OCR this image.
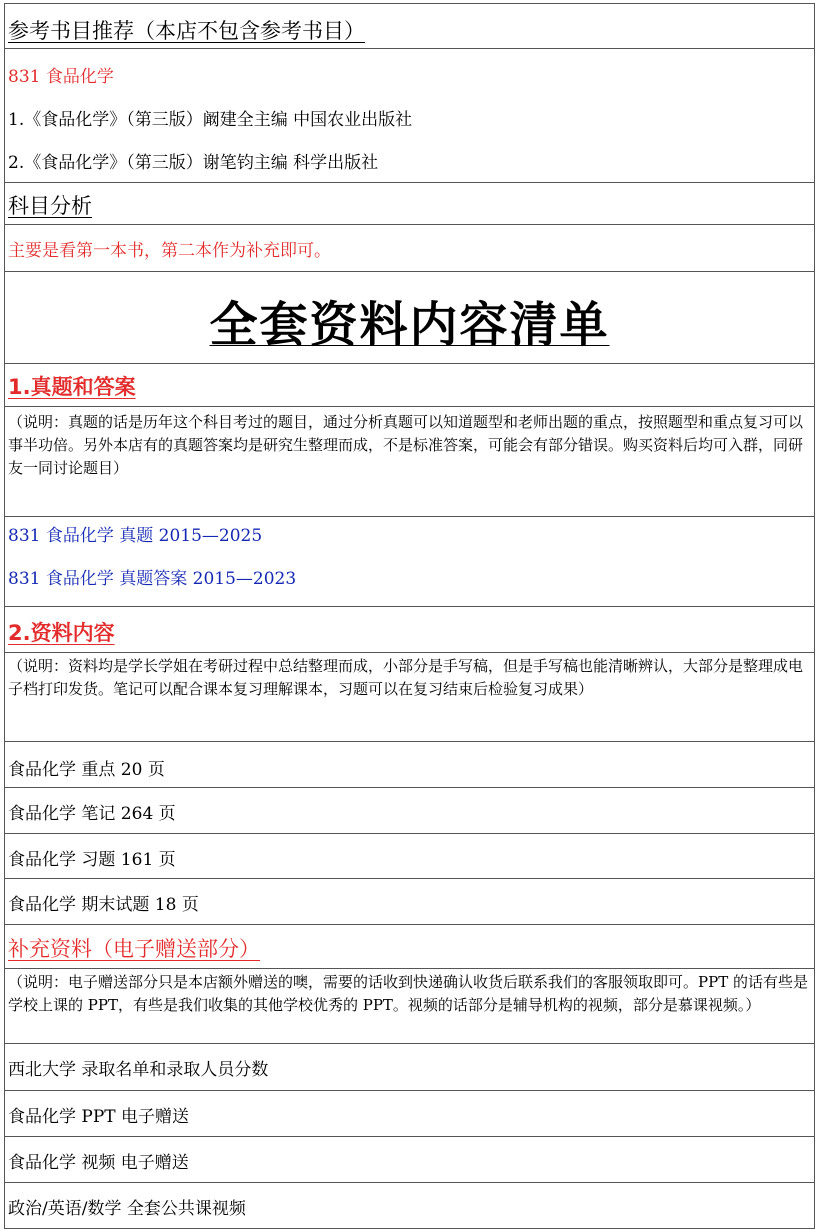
参考书目推荐（本店不包含参考书目）
831 食品化学
1.《食品化学》（第三版）阚建全主编 中国农业出版社
2.《食品化学》（第三版）谢笔钧主编 科学出版社
科目分析
主要是看第一本书，第二本作为补充即可。
全套资料内容清单
1.真题和答案
（说明：真题的话是历年这个科目考过的题目，通过分析真题可以知道题型和老师出题的重点，按照题型和重点复习可以事半功倍。另外本店有的真题答案均是研究生整理而成，不是标准答案，可能会有部分错误。购买资料后均可入群，同研友一同讨论题目）
831 食品化学 真题 2015—2025
831 食品化学 真题答案 2015—2023
2.资料内容
（说明：资料均是学长学姐在考研过程中总结整理而成，小部分是手写稿，但是手写稿也能清晰辨认，大部分是整理成电子档打印发货。笔记可以配合课本复习理解课本，习题可以在复习结束后检验复习成果）
食品化学 重点 20 页
食品化学 笔记 264 页
食品化学 习题 161 页
食品化学 期末试题 18 页
补充资料（电子赠送部分）
（说明：电子赠送部分只是本店额外赠送的噢，需要的话收到快递确认收货后联系我们的客服领取即可。PPT 的话有些是学校上课的 PPT，有些是我们收集的其他学校优秀的 PPT。视频的话部分是辅导机构的视频，部分是慕课视频。）
西北大学 录取名单和录取人员分数
食品化学 PPT 电子赠送
食品化学 视频 电子赠送
政治/英语/数学 全套公共课视频
